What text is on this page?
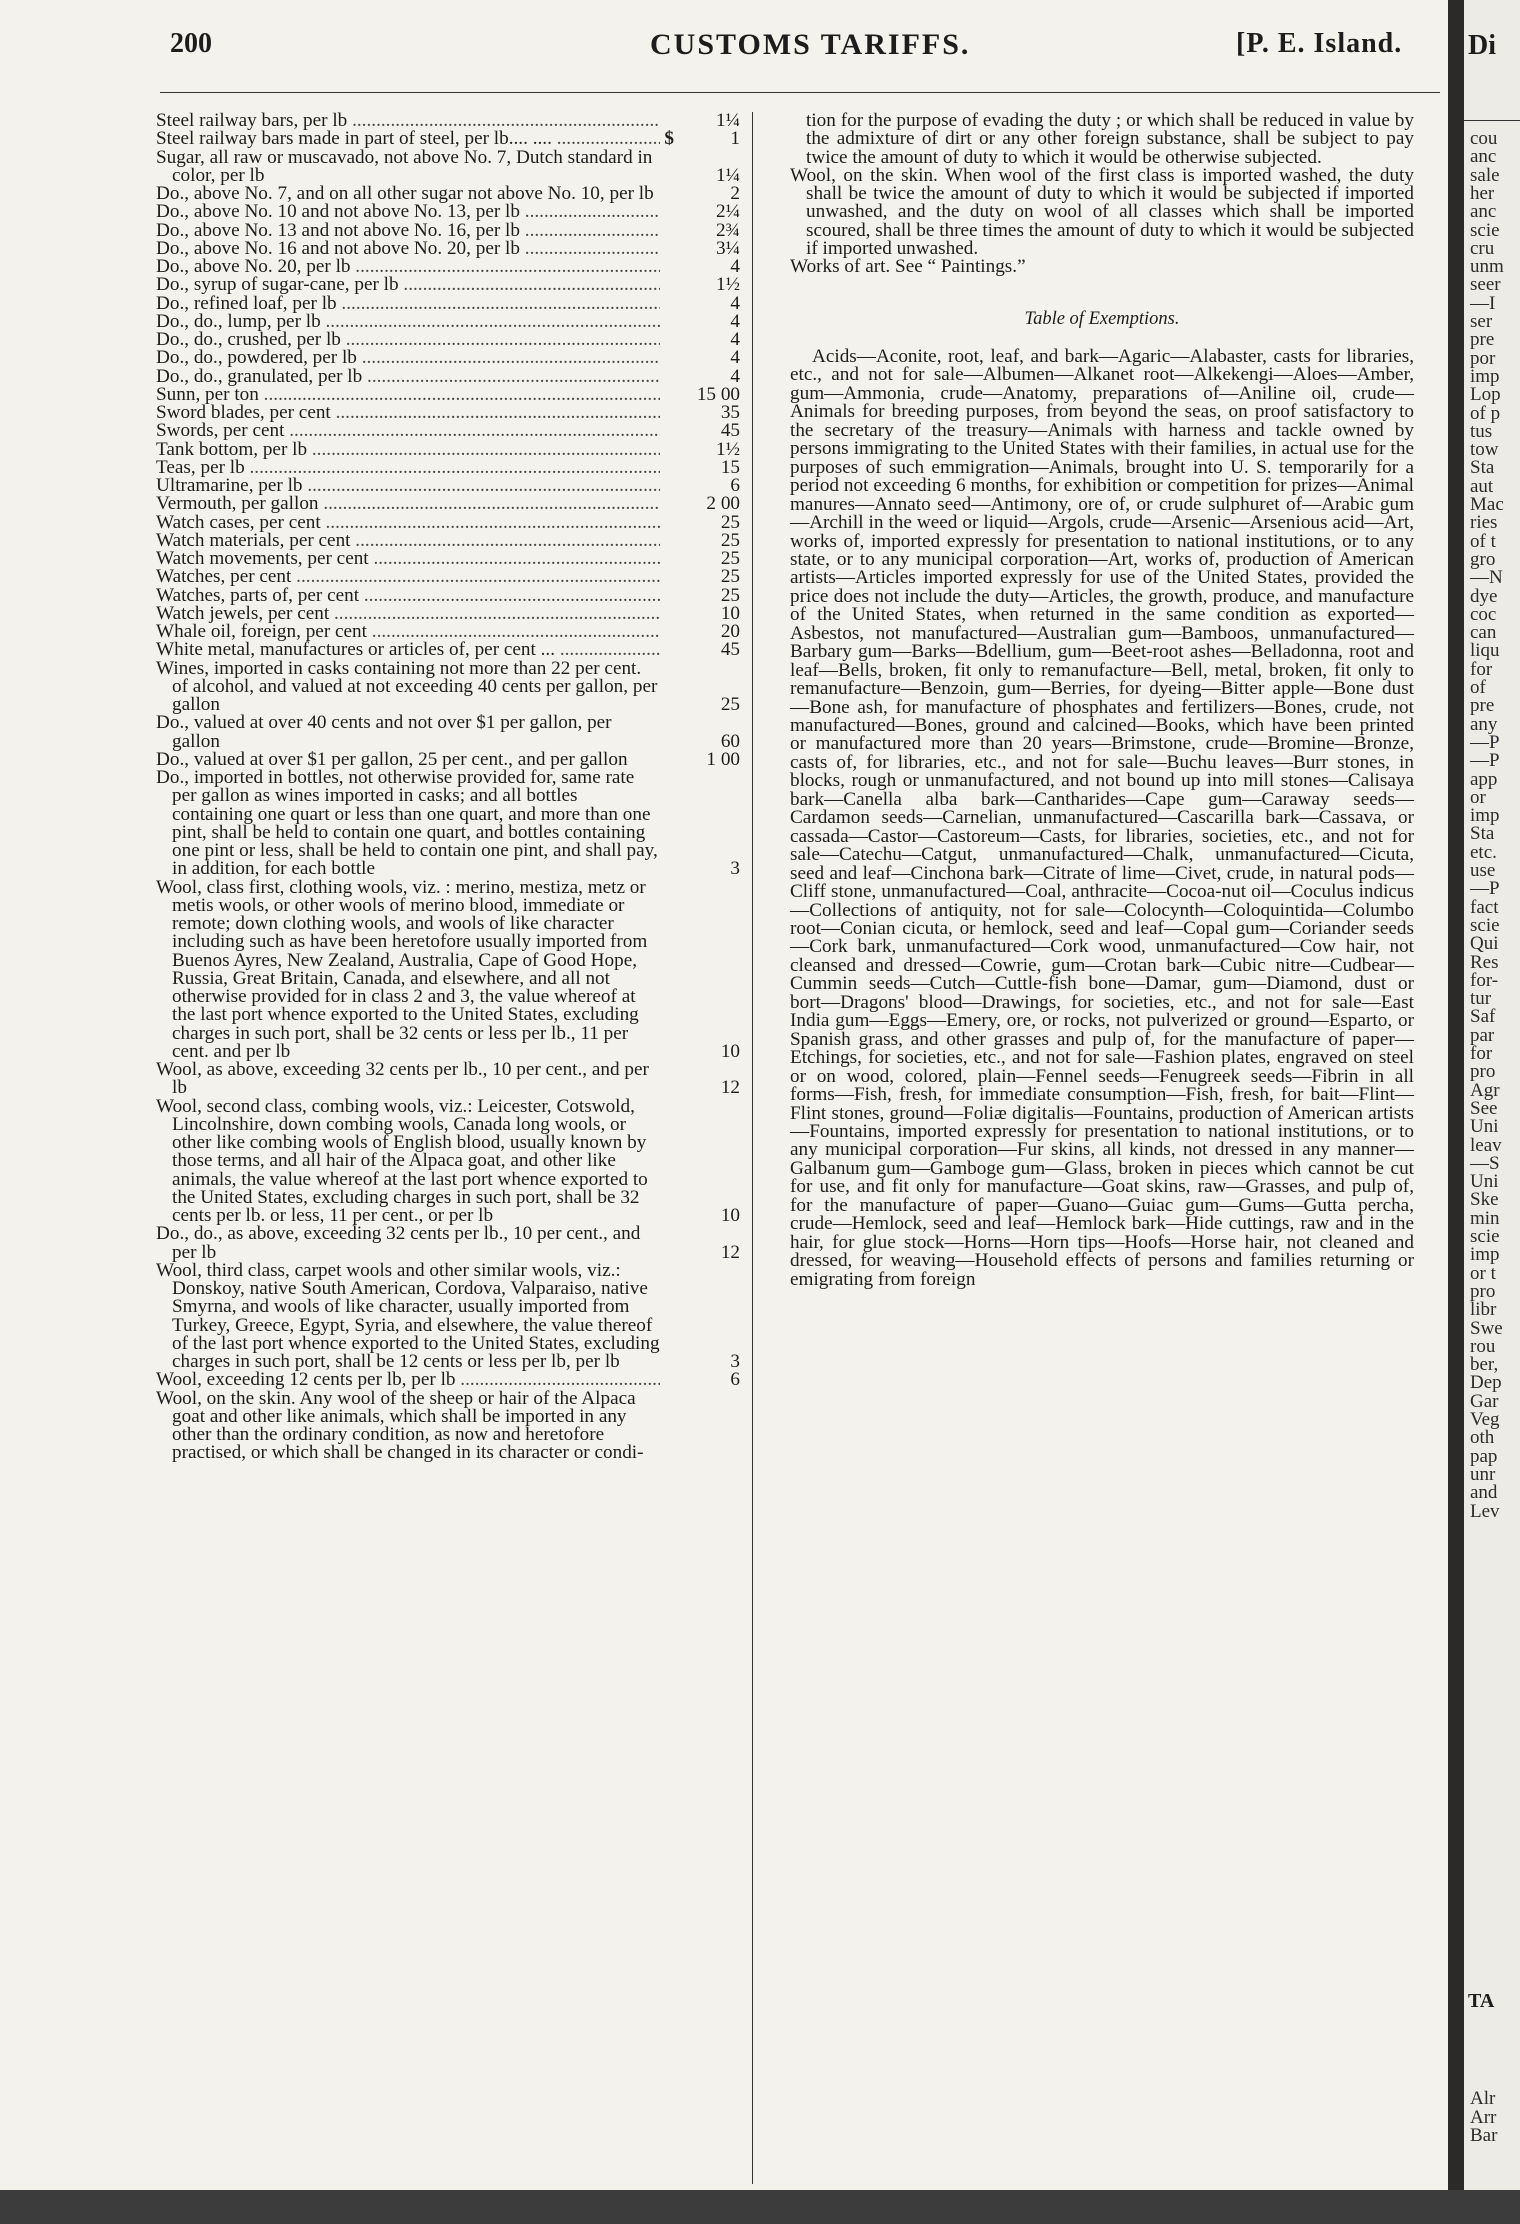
200	CUSTOMS TARIFFS.	[P. E. Island.
Steel railway bars, per lb .....	1¼
Steel railway bars made in part of steel, per lb.... .... .....	$	1
Sugar, all raw or muscavado, not above No. 7, Dutch standard in color, per lb	1¼
Do., above No. 7, and on all other sugar not above No. 10, per lb	2
Do., above No. 10 and not above No. 13, per lb .....	2¼
Do., above No. 13 and not above No. 16, per lb .....	2¾
Do., above No. 16 and not above No. 20, per lb .....	3¼
Do., above No. 20, per lb .....	4
Do., syrup of sugar-cane, per lb .....	1½
Do., refined loaf, per lb .....	4
Do., do., lump, per lb .....	4
Do., do., crushed, per lb .....	4
Do., do., powdered, per lb .....	4
Do., do., granulated, per lb .....	4
Sunn, per ton .....	15 00
Sword blades, per cent .....	35
Swords, per cent .....	45
Tank bottom, per lb .....	1½
Teas, per lb .....	15
Ultramarine, per lb .....	6
Vermouth, per gallon .....	2 00
Watch cases, per cent .....	25
Watch materials, per cent .....	25
Watch movements, per cent .....	25
Watches, per cent .....	25
Watches, parts of, per cent .....	25
Watch jewels, per cent .....	10
Whale oil, foreign, per cent .....	20
White metal, manufactures or articles of, per cent ... .....	45
Wines, imported in casks containing not more than 22 per cent. of alcohol, and valued at not exceeding 40 cents per gallon, per gallon	25
Do., valued at over 40 cents and not over $1 per gallon, per gallon	60
Do., valued at over $1 per gallon, 25 per cent., and per gallon	1 00
Do., imported in bottles, not otherwise provided for, same rate per gallon as wines imported in casks; and all bottles containing one quart or less than one quart, and more than one pint, shall be held to contain one quart, and bottles containing one pint or less, shall be held to contain one pint, and shall pay, in addition, for each bottle	3
Wool, class first, clothing wools, viz. : merino, mestiza, metz or metis wools, or other wools of merino blood, immediate or remote; down clothing wools, and wools of like character including such as have been heretofore usually imported from Buenos Ayres, New Zealand, Australia, Cape of Good Hope, Russia, Great Britain, Canada, and elsewhere, and all not otherwise provided for in class 2 and 3, the value whereof at the last port whence exported to the United States, excluding charges in such port, shall be 32 cents or less per lb., 11 per cent. and per lb	10
Wool, as above, exceeding 32 cents per lb., 10 per cent., and per lb	12
Wool, second class, combing wools, viz.: Leicester, Cotswold, Lincolnshire, down combing wools, Canada long wools, or other like combing wools of English blood, usually known by those terms, and all hair of the Alpaca goat, and other like animals, the value whereof at the last port whence exported to the United States, excluding charges in such port, shall be 32 cents per lb. or less, 11 per cent., or per lb	10
Do., do., as above, exceeding 32 cents per lb., 10 per cent., and per lb	12
Wool, third class, carpet wools and other similar wools, viz.: Donskoy, native South American, Cordova, Valparaiso, native Smyrna, and wools of like character, usually imported from Turkey, Greece, Egypt, Syria, and elsewhere, the value thereof of the last port whence exported to the United States, excluding charges in such port, shall be 12 cents or less per lb, per lb	3
Wool, exceeding 12 cents per lb, per lb .....	6
Wool, on the skin. Any wool of the sheep or hair of the Alpaca goat and other like animals, which shall be imported in any other than the ordinary condition, as now and heretofore practised, or which shall be changed in its character or condi-

tion for the purpose of evading the duty ; or which shall be reduced in value by the admixture of dirt or any other foreign substance, shall be subject to pay twice the amount of duty to which it would be otherwise subjected.

Wool, on the skin. When wool of the first class is imported washed, the duty shall be twice the amount of duty to which it would be subjected if imported unwashed, and the duty on wool of all classes which shall be imported scoured, shall be three times the amount of duty to which it would be subjected if imported unwashed.

Works of art. See “ Paintings.”

Table of Exemptions.

Acids—Aconite, root, leaf, and bark—Agaric—Alabaster, casts for libraries, etc., and not for sale—Albumen—Alkanet root—Alkekengi—Aloes—Amber, gum—Ammonia, crude—Anatomy, preparations of—Aniline oil, crude—Animals for breeding purposes, from beyond the seas, on proof satisfactory to the secretary of the treasury—Animals with harness and tackle owned by persons immigrating to the United States with their families, in actual use for the purposes of such emmigration—Animals, brought into U. S. temporarily for a period not exceeding 6 months, for exhibition or competition for prizes—Animal manures—Annato seed—Antimony, ore of, or crude sulphuret of—Arabic gum—Archill in the weed or liquid—Argols, crude—Arsenic—Arsenious acid—Art, works of, imported expressly for presentation to national institutions, or to any state, or to any municipal corporation—Art, works of, production of American artists—Articles imported expressly for use of the United States, provided the price does not include the duty—Articles, the growth, produce, and manufacture of the United States, when returned in the same condition as exported—Asbestos, not manufactured—Australian gum—Bamboos, unmanufactured—Barbary gum—Barks—Bdellium, gum—Beet-root ashes—Belladonna, root and leaf—Bells, broken, fit only to remanufacture—Bell, metal, broken, fit only to remanufacture—Benzoin, gum—Berries, for dyeing—Bitter apple—Bone dust—Bone ash, for manufacture of phosphates and fertilizers—Bones, crude, not manufactured—Bones, ground and calcined—Books, which have been printed or manufactured more than 20 years—Brimstone, crude—Bromine—Bronze, casts of, for libraries, etc., and not for sale—Buchu leaves—Burr stones, in blocks, rough or unmanufactured, and not bound up into mill stones—Calisaya bark—Canella alba bark—Cantharides—Cape gum—Caraway seeds—Cardamon seeds—Carnelian, unmanufactured—Cascarilla bark—Cassava, or cassada—Castor—Castoreum—Casts, for libraries, societies, etc., and not for sale—Catechu—Catgut, unmanufactured—Chalk, unmanufactured—Cicuta, seed and leaf—Cinchona bark—Citrate of lime—Civet, crude, in natural pods—Cliff stone, unmanufactured—Coal, anthracite—Cocoa-nut oil—Coculus indicus—Collections of antiquity, not for sale—Colocynth—Coloquintida—Columbo root—Conian cicuta, or hemlock, seed and leaf—Copal gum—Coriander seeds—Cork bark, unmanufactured—Cork wood, unmanufactured—Cow hair, not cleansed and dressed—Cowrie, gum—Crotan bark—Cubic nitre—Cudbear—Cummin seeds—Cutch—Cuttle-fish bone—Damar, gum—Diamond, dust or bort—Dragons' blood—Drawings, for societies, etc., and not for sale—East India gum—Eggs—Emery, ore, or rocks, not pulverized or ground—Esparto, or Spanish grass, and other grasses and pulp of, for the manufacture of paper—Etchings, for societies, etc., and not for sale—Fashion plates, engraved on steel or on wood, colored, plain—Fennel seeds—Fenugreek seeds—Fibrin in all forms—Fish, fresh, for immediate consumption—Fish, fresh, for bait—Flint—Flint stones, ground—Foliæ digitalis—Fountains, production of American artists—Fountains, imported expressly for presentation to national institutions, or to any municipal corporation—Fur skins, all kinds, not dressed in any manner—Galbanum gum—Gamboge gum—Glass, broken in pieces which cannot be cut for use, and fit only for manufacture—Goat skins, raw—Grasses, and pulp of, for the manufacture of paper—Guano—Guiac gum—Gums—Gutta percha, crude—Hemlock, seed and leaf—Hemlock bark—Hide cuttings, raw and in the hair, for glue stock—Horns—Horn tips—Hoofs—Horse hair, not cleaned and dressed, for weaving—Household effects of persons and families returning or emigrating from foreign

Di
cou
anc
sale
her
anc
scie
cru
unm
seer
—I
ser
pre
por
imp
Lop
of p
tus
tow
Sta
aut
Mac
ries
of t
gro
—N
dye
coc
can
liqu
for
of
pre
any
—P
—P
app
or
imp
Sta
etc.
use
—P
fact
scie
Qui
Res
for-
tur
Saf
par
for
pro
Agr
See
Uni
leav
—S
Uni
Ske
min
scie
imp
or t
pro
libr
Swe
rou
ber,
Dep
Gar
Veg
oth
pap
unr
and
Lev
TA
Alr
Arr
Bar
